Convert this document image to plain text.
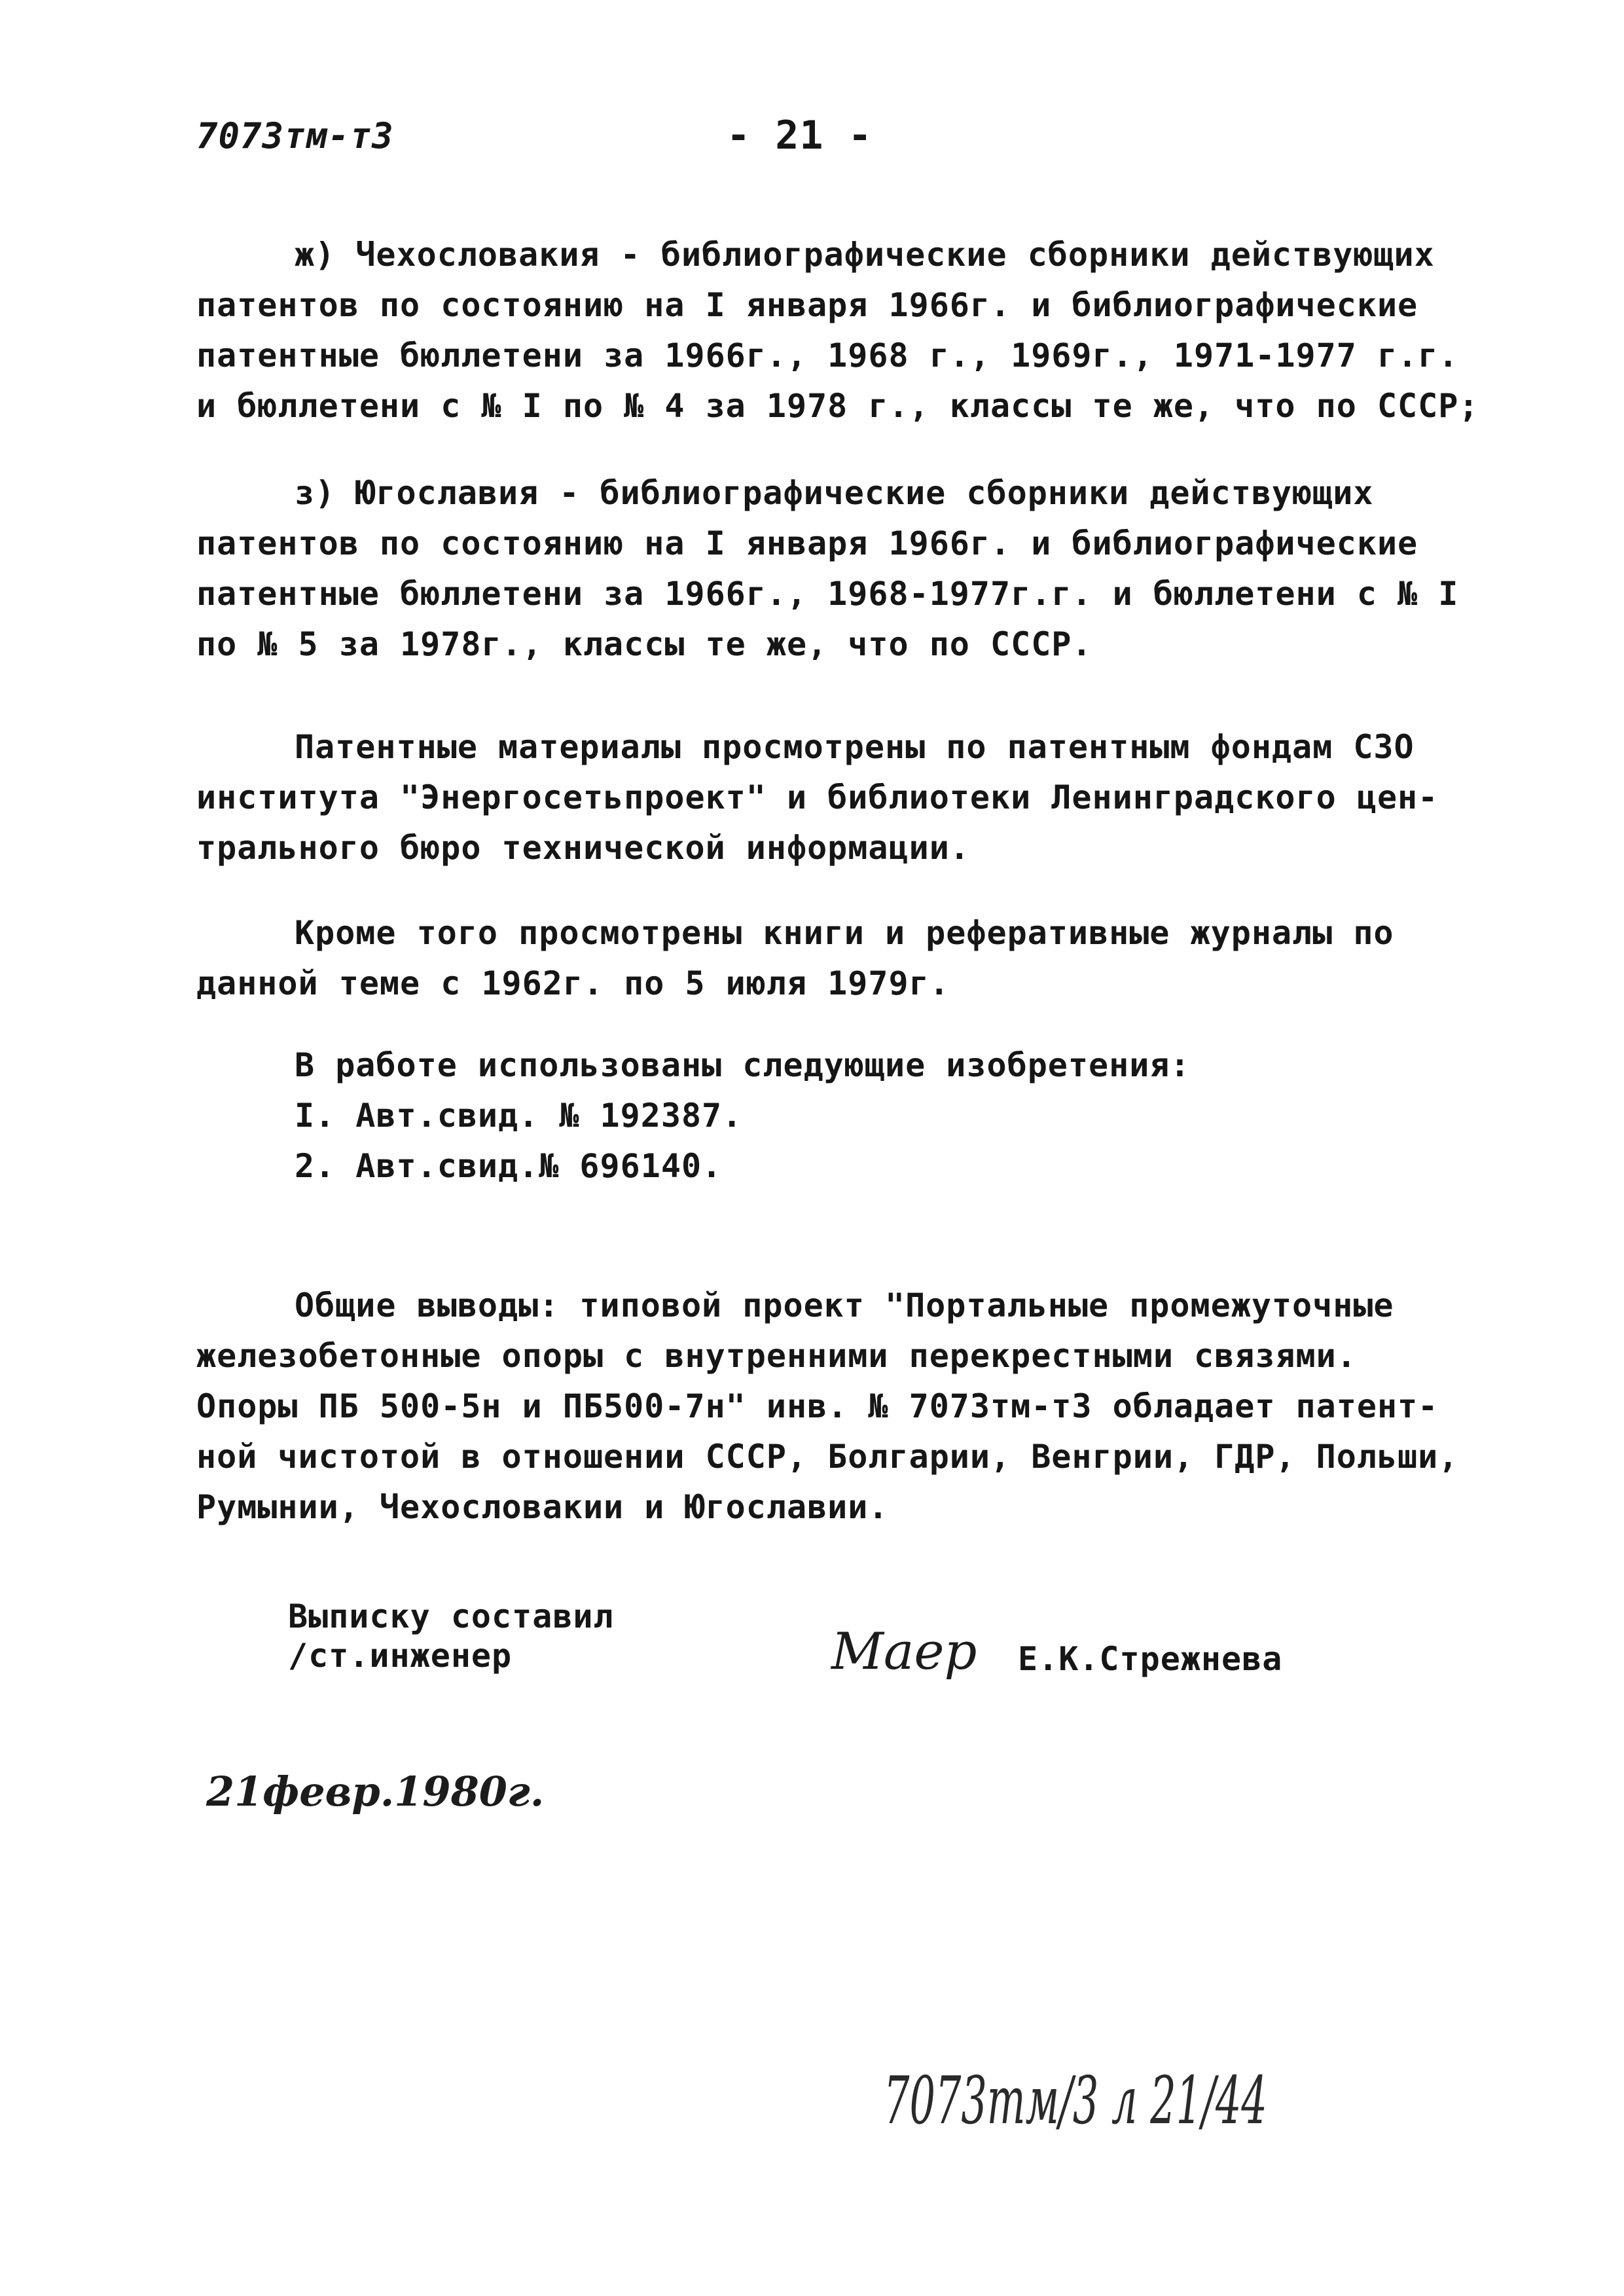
7073тм-т3	- 21 -
ж) Чехословакия - библиографические сборники действующих
патентов по состоянию на I января 1966г. и библиографические
патентные бюллетени за 1966г., 1968 г., 1969г., 1971-1977 г.г.
и бюллетени с № I по № 4 за 1978 г., классы те же, что по СССР;
з) Югославия - библиографические сборники действующих
патентов по состоянию на I января 1966г. и библиографические
патентные бюллетени за 1966г., 1968-1977г.г. и бюллетени с № I
по № 5 за 1978г., классы те же, что по СССР.
Патентные материалы просмотрены по патентным фондам СЗО
института "Энергосетьпроект" и библиотеки Ленинградского цен-
трального бюро технической информации.
Кроме того просмотрены книги и реферативные журналы по
данной теме с 1962г. по 5 июля 1979г.
В работе использованы следующие изобретения:
I. Авт.свид. № 192387.
2. Авт.свид.№ 696140.
Общие выводы: типовой проект "Портальные промежуточные
железобетонные опоры с внутренними перекрестными связями.
Опоры ПБ 500-5н и ПБ500-7н" инв. № 7073тм-т3 обладает патент-
ной чистотой в отношении СССР, Болгарии, Венгрии, ГДР, Польши,
Румынии, Чехословакии и Югославии.
Выписку составил
/ст.инженер	Маер Е.К.Стрежнева
21февр.1980г.
7073тм/3 л 21/44
